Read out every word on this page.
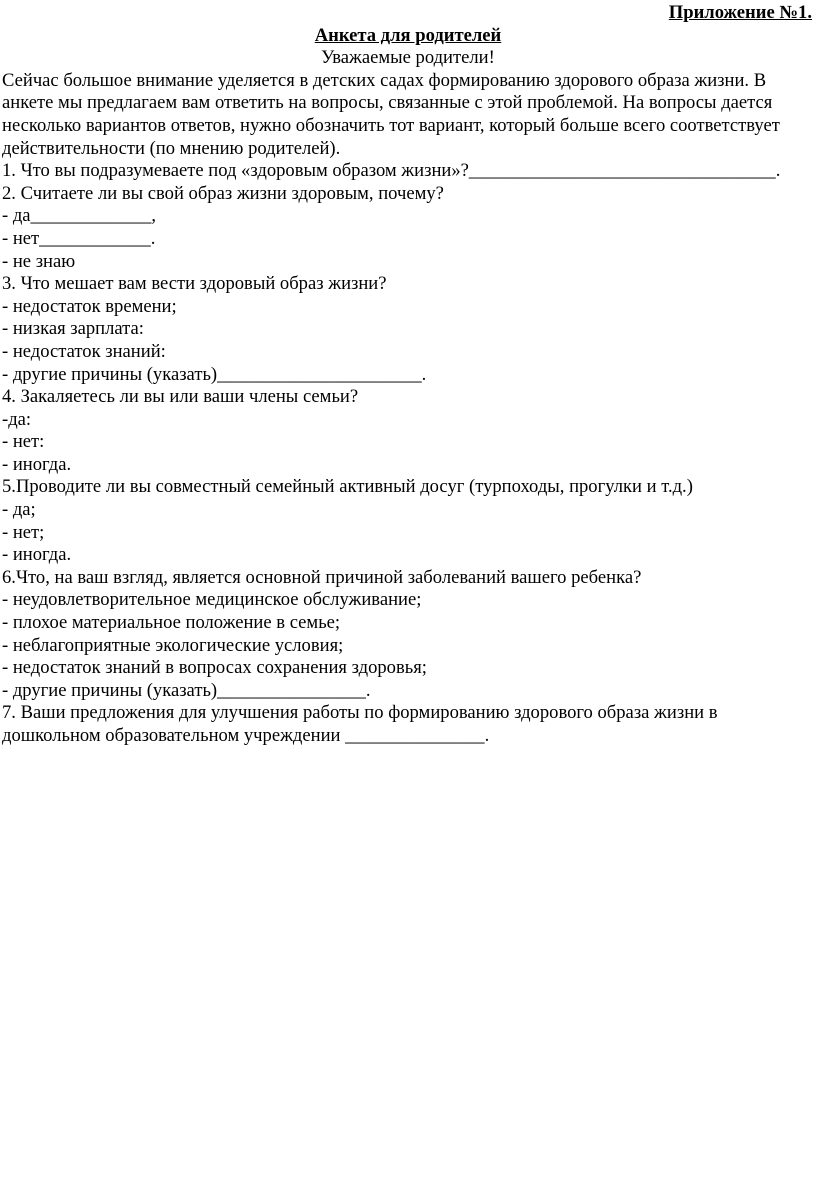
Приложение №1.
Анкета для родителей
Уважаемые родители!
Сейчас большое внимание уделяется в детских садах формированию здорового образа жизни. В анкете мы предлагаем вам ответить на вопросы, связанные с этой проблемой. На вопросы дается несколько вариантов ответов, нужно обозначить тот вариант, который больше всего соответствует действительности (по мнению родителей).
1. Что вы подразумеваете под «здоровым образом жизни»?_________________________________.
2. Считаете ли вы свой образ жизни здоровым, почему?
- да_____________,
- нет____________.
- не знаю
3. Что мешает вам вести здоровый образ жизни?
- недостаток времени;
- низкая зарплата:
- недостаток знаний:
- другие причины (указать)______________________.
4. Закаляетесь ли вы или ваши члены семьи?
-да:
- нет:
- иногда.
5.Проводите ли вы совместный семейный активный досуг (турпоходы, прогулки и т.д.)
- да;
- нет;
- иногда.
6.Что, на ваш взгляд, является основной причиной заболеваний вашего ребенка?
- неудовлетворительное медицинское обслуживание;
- плохое материальное положение в семье;
- неблагоприятные экологические условия;
- недостаток знаний в вопросах сохранения здоровья;
- другие причины (указать)________________.
7. Ваши предложения для улучшения работы по формированию здорового образа жизни в дошкольном образовательном учреждении _______________.
